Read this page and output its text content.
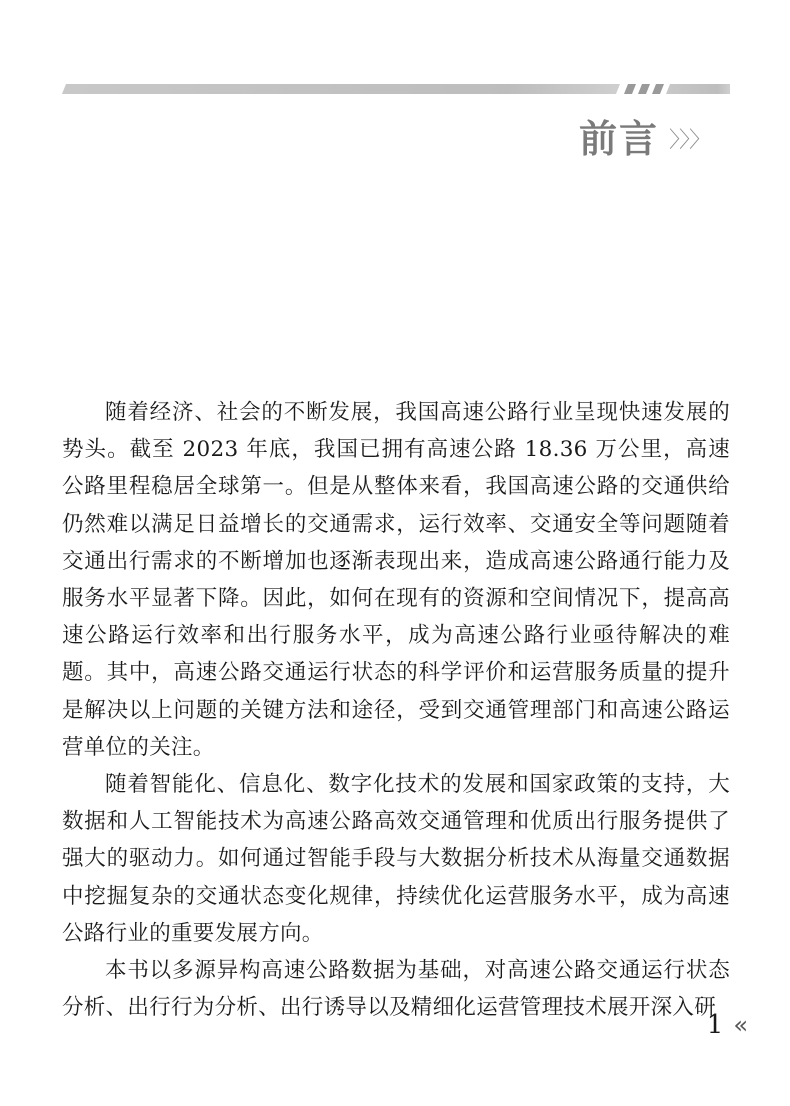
前言 〉〉〉

随着经济、社会的不断发展，我国高速公路行业呈现快速发展的势头。截至 2023 年底，我国已拥有高速公路 18.36 万公里，高速公路里程稳居全球第一。但是从整体来看，我国高速公路的交通供给仍然难以满足日益增长的交通需求，运行效率、交通安全等问题随着交通出行需求的不断增加也逐渐表现出来，造成高速公路通行能力及服务水平显著下降。因此，如何在现有的资源和空间情况下，提高高速公路运行效率和出行服务水平，成为高速公路行业亟待解决的难题。其中，高速公路交通运行状态的科学评价和运营服务质量的提升是解决以上问题的关键方法和途径，受到交通管理部门和高速公路运营单位的关注。

随着智能化、信息化、数字化技术的发展和国家政策的支持，大数据和人工智能技术为高速公路高效交通管理和优质出行服务提供了强大的驱动力。如何通过智能手段与大数据分析技术从海量交通数据中挖掘复杂的交通状态变化规律，持续优化运营服务水平，成为高速公路行业的重要发展方向。

本书以多源异构高速公路数据为基础，对高速公路交通运行状态分析、出行行为分析、出行诱导以及精细化运营管理技术展开深入研

1 «
